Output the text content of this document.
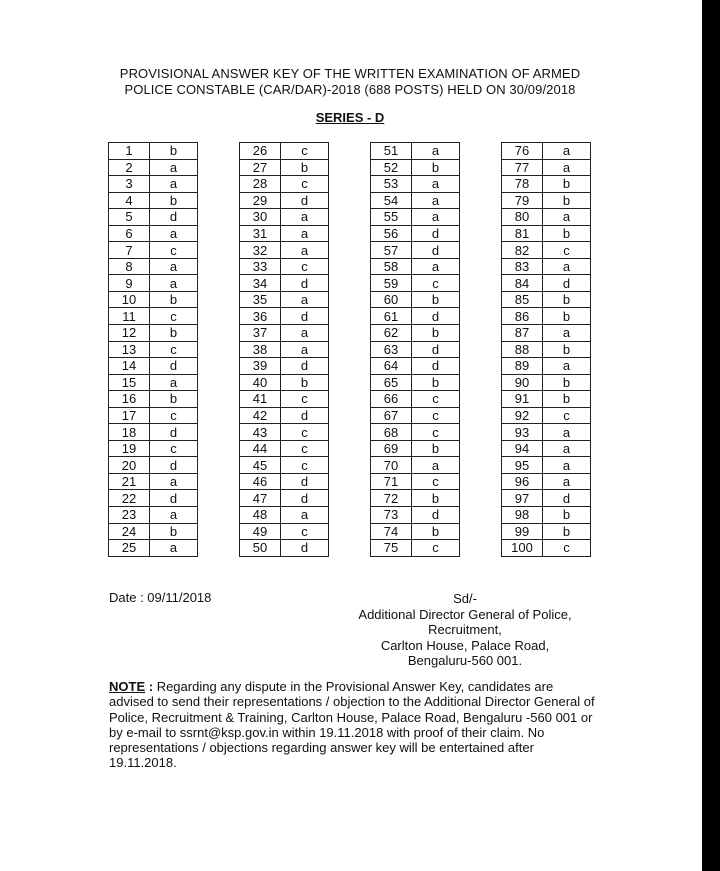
PROVISIONAL ANSWER KEY OF THE WRITTEN EXAMINATION OF ARMED
POLICE CONSTABLE (CAR/DAR)-2018 (688 POSTS) HELD ON 30/09/2018
SERIES - D
1	b
2	a
3	a
4	b
5	d
6	a
7	c
8	a
9	a
10	b
11	c
12	b
13	c
14	d
15	a
16	b
17	c
18	d
19	c
20	d
21	a
22	d
23	a
24	b
25	a
26	c
27	b
28	c
29	d
30	a
31	a
32	a
33	c
34	d
35	a
36	d
37	a
38	a
39	d
40	b
41	c
42	d
43	c
44	c
45	c
46	d
47	d
48	a
49	c
50	d
51	a
52	b
53	a
54	a
55	a
56	d
57	d
58	a
59	c
60	b
61	d
62	b
63	d
64	d
65	b
66	c
67	c
68	c
69	b
70	a
71	c
72	b
73	d
74	b
75	c
76	a
77	a
78	b
79	b
80	a
81	b
82	c
83	a
84	d
85	b
86	b
87	a
88	b
89	a
90	b
91	b
92	c
93	a
94	a
95	a
96	a
97	d
98	b
99	b
100	c
Date : 09/11/2018	Sd/-
Additional Director General of Police,
Recruitment,
Carlton House, Palace Road,
Bengaluru-560 001.
NOTE : Regarding any dispute in the Provisional Answer Key, candidates are advised to send their representations / objection to the Additional Director General of Police, Recruitment & Training, Carlton House, Palace Road, Bengaluru -560 001 or by e-mail to ssrnt@ksp.gov.in within 19.11.2018 with proof of their claim. No representations / objections regarding answer key will be entertained after 19.11.2018.
